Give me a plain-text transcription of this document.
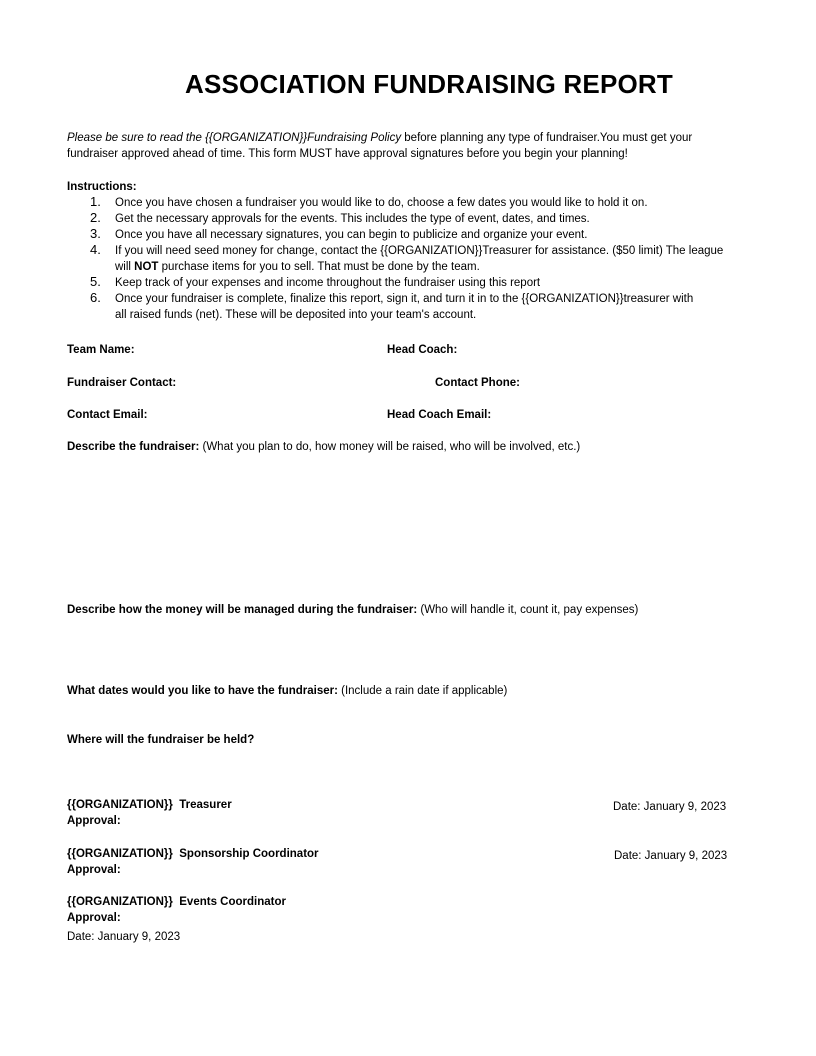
ASSOCIATION FUNDRAISING REPORT

Please be sure to read the {{ORGANIZATION}}Fundraising Policy before planning any type of fundraiser.You must get your

fundraiser approved ahead of time. This form MUST have approval signatures before you begin your planning!

Instructions:
1. Once you have chosen a fundraiser you would like to do, choose a few dates you would like to hold it on.
2. Get the necessary approvals for the events. This includes the type of event, dates, and times.
3. Once you have all necessary signatures, you can begin to publicize and organize your event.
4. If you will need seed money for change, contact the {{ORGANIZATION}}Treasurer for assistance. ($50 limit) The league
will NOT purchase items for you to sell. That must be done by the team.
5. Keep track of your expenses and income throughout the fundraiser using this report
6. Once your fundraiser is complete, finalize this report, sign it, and turn it in to the {{ORGANIZATION}}treasurer with
all raised funds (net). These will be deposited into your team's account.
Team Name:	Head Coach:
Fundraiser Contact:	Contact Phone:
Contact Email:	Head Coach Email:
Describe the fundraiser: (What you plan to do, how money will be raised, who will be involved, etc.)
Describe how the money will be managed during the fundraiser: (Who will handle it, count it, pay expenses)
What dates would you like to have the fundraiser: (Include a rain date if applicable)
Where will the fundraiser be held?
{{ORGANIZATION}} Treasurer
Approval:
Date: January 9, 2023
{{ORGANIZATION}} Sponsorship Coordinator
Approval:
Date: January 9, 2023
{{ORGANIZATION}} Events Coordinator
Approval:
Date: January 9, 2023
